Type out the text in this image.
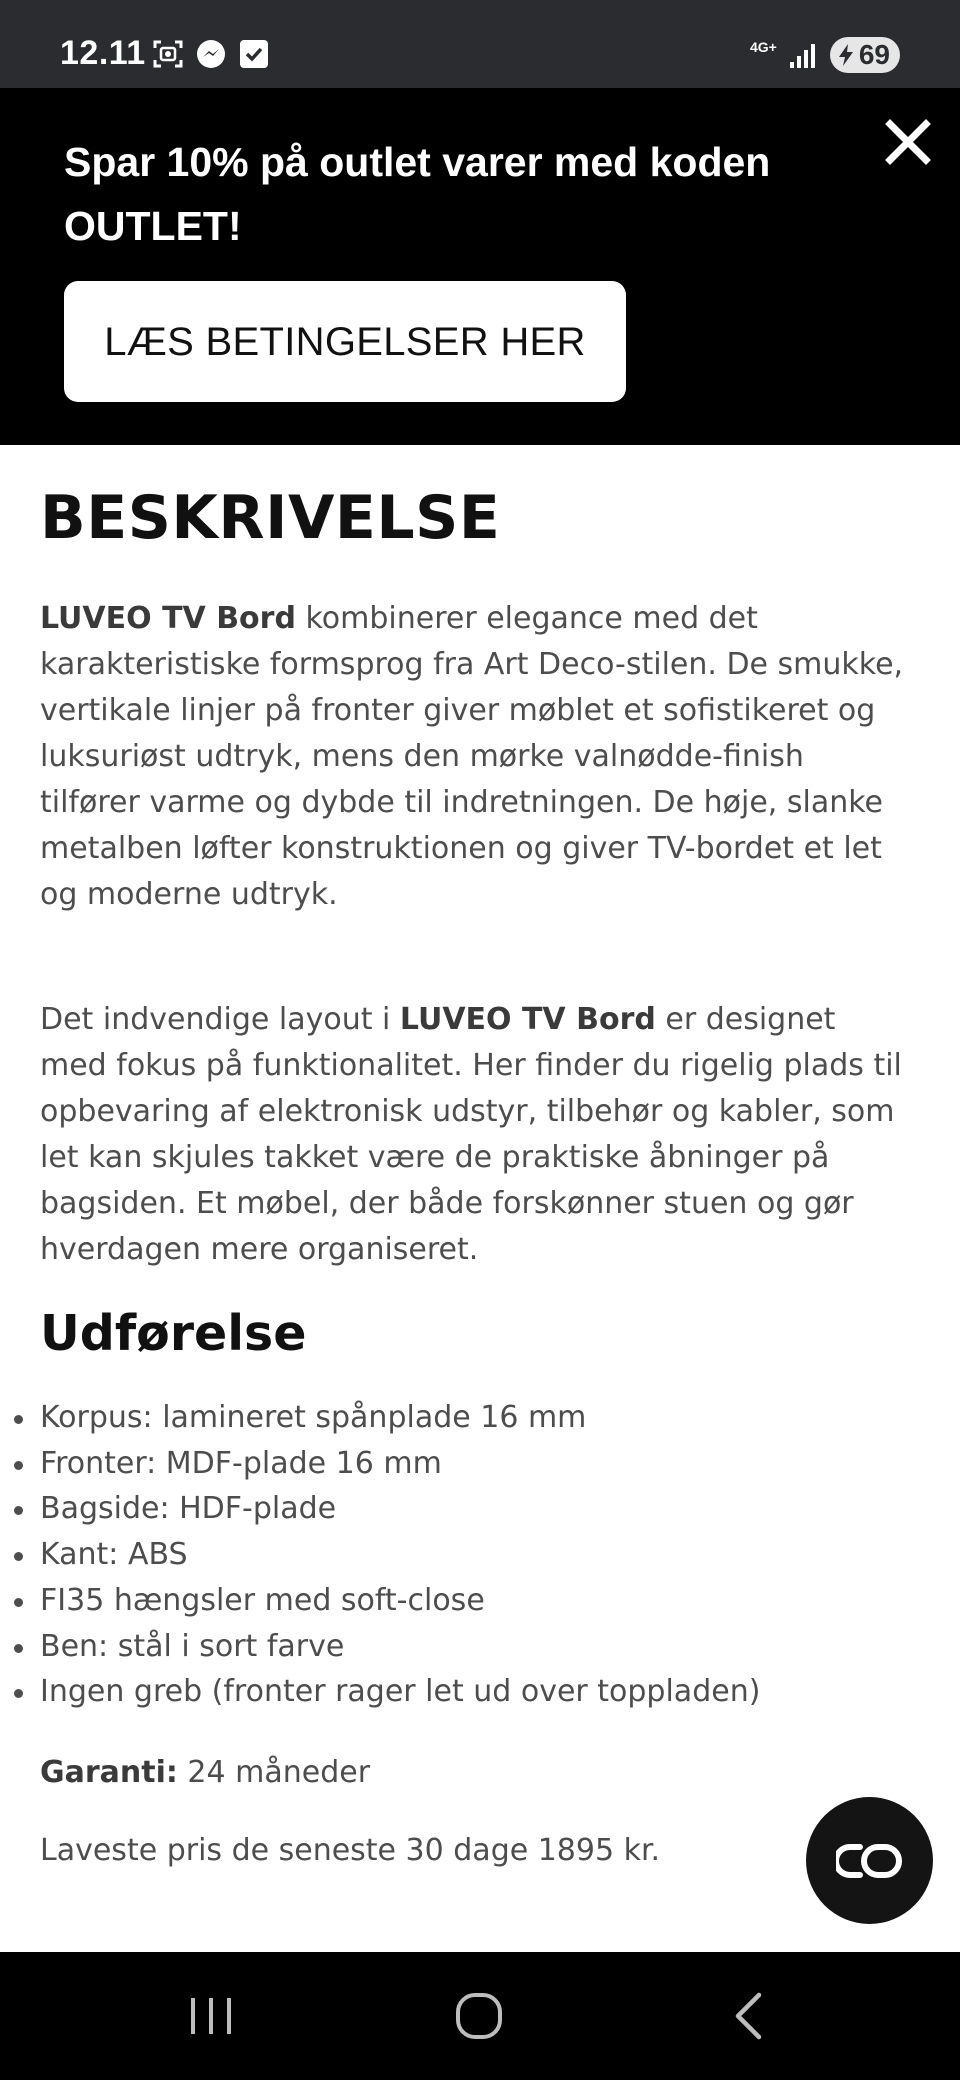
12.11	4G+	69
Spar 10% på outlet varer med koden OUTLET!
LÆS BETINGELSER HER
BESKRIVELSE

LUVEO TV Bord kombinerer elegance med det karakteristiske formsprog fra Art Deco-stilen. De smukke, vertikale linjer på fronter giver møblet et sofistikeret og luksuriøst udtryk, mens den mørke valnødde-finish tilfører varme og dybde til indretningen. De høje, slanke metalben løfter konstruktionen og giver TV-bordet et let og moderne udtryk.

Det indvendige layout i LUVEO TV Bord er designet med fokus på funktionalitet. Her finder du rigelig plads til opbevaring af elektronisk udstyr, tilbehør og kabler, som let kan skjules takket være de praktiske åbninger på bagsiden. Et møbel, der både forskønner stuen og gør hverdagen mere organiseret.

Udførelse
Korpus: lamineret spånplade 16 mm
Fronter: MDF-plade 16 mm
Bagside: HDF-plade
Kant: ABS
FI35 hængsler med soft-close
Ben: stål i sort farve
Ingen greb (fronter rager let ud over toppladen)

Garanti: 24 måneder

Laveste pris de seneste 30 dage 1895 kr.
